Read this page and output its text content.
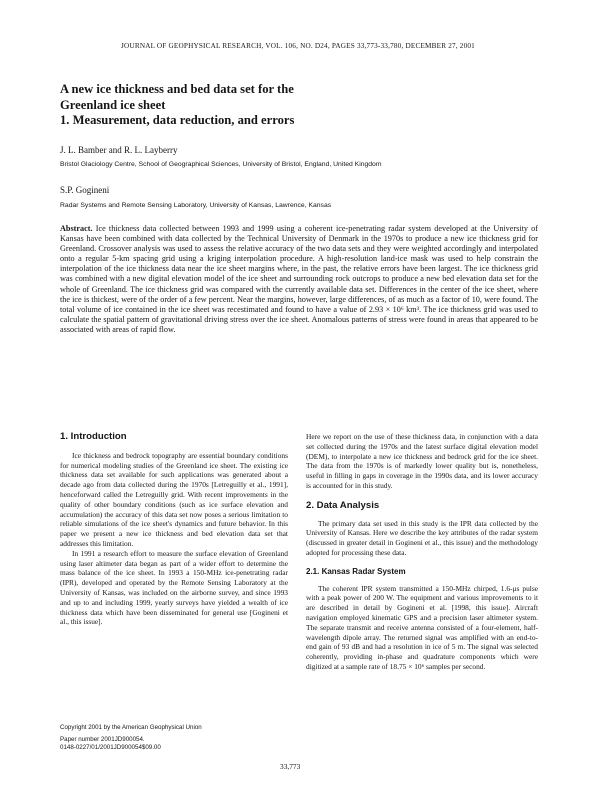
JOURNAL OF GEOPHYSICAL RESEARCH, VOL. 106, NO. D24, PAGES 33,773-33,780, DECEMBER 27, 2001
A new ice thickness and bed data set for the
Greenland ice sheet
1. Measurement, data reduction, and errors
J. L. Bamber and R. L. Layberry
Bristol Glaciology Centre, School of Geographical Sciences, University of Bristol, England, United Kingdom
S.P. Gogineni
Radar Systems and Remote Sensing Laboratory, University of Kansas, Lawrence, Kansas
Abstract. Ice thickness data collected between 1993 and 1999 using a coherent ice-penetrating radar system developed at the University of Kansas have been combined with data collected by the Technical University of Denmark in the 1970s to produce a new ice thickness grid for Greenland. Crossover analysis was used to assess the relative accuracy of the two data sets and they were weighted accordingly and interpolated onto a regular 5-km spacing grid using a kriging interpolation procedure. A high-resolution land-ice mask was used to help constrain the interpolation of the ice thickness data near the ice sheet margins where, in the past, the relative errors have been largest. The ice thickness grid was combined with a new digital elevation model of the ice sheet and surrounding rock outcrops to produce a new bed elevation data set for the whole of Greenland. The ice thickness grid was compared with the currently available data set. Differences in the center of the ice sheet, where the ice is thickest, were of the order of a few percent. Near the margins, however, large differences, of as much as a factor of 10, were found. The total volume of ice contained in the ice sheet was recestimated and found to have a value of 2.93 × 10⁶ km³. The ice thickness grid was used to calculate the spatial pattern of gravitational driving stress over the ice sheet. Anomalous patterns of stress were found in areas that appeared to be associated with areas of rapid flow.
1. Introduction

Ice thickness and bedrock topography are essential boundary conditions for numerical modeling studies of the Greenland ice sheet. The existing ice thickness data set available for such applications was generated about a decade ago from data collected during the 1970s [Letreguilly et al., 1991], henceforward called the Letreguilly grid. With recent improvements in the quality of other boundary conditions (such as ice surface elevation and accumulation) the accuracy of this data set now poses a serious limitation to reliable simulations of the ice sheet's dynamics and future behavior. In this paper we present a new ice thickness and bed elevation data set that addresses this limitation.

In 1991 a research effort to measure the surface elevation of Greenland using laser altimeter data began as part of a wider effort to determine the mass balance of the ice sheet. In 1993 a 150-MHz ice-penetrating radar (IPR), developed and operated by the Remote Sensing Laboratory at the University of Kansas, was included on the airborne survey, and since 1993 and up to and including 1999, yearly surveys have yielded a wealth of ice thickness data which have been disseminated for general use [Gogineni et al., this issue].

Copyright 2001 by the American Geophysical Union
Paper number 2001JD900054.
0148-0227/01/2001JD900054$09.00

Here we report on the use of these thickness data, in conjunction with a data set collected during the 1970s and the latest surface digital elevation model (DEM), to interpolate a new ice thickness and bedrock grid for the ice sheet. The data from the 1970s is of markedly lower quality but is, nonetheless, useful in filling in gaps in coverage in the 1990s data, and its lower accuracy is accounted for in this study.

2. Data Analysis

The primary data set used in this study is the IPR data collected by the University of Kansas. Here we describe the key attributes of the radar system (discussed in greater detail in Gogineni et al., this issue) and the methodology adopted for processing these data.

2.1. Kansas Radar System

The coherent IPR system transmitted a 150-MHz chirped, 1.6-μs pulse with a peak power of 200 W. The equipment and various improvements to it are described in detail by Gogineni et al. [1998, this issue]. Aircraft navigation employed kinematic GPS and a precision laser altimeter system. The separate transmit and receive antenna consisted of a four-element, half-wavelength dipole array. The returned signal was amplified with an end-to-end gain of 93 dB and had a resolution in ice of 5 m. The signal was selected coherently, providing in-phase and quadrature components which were digitized at a sample rate of 18.75 × 10⁶ samples per second.

33,773
